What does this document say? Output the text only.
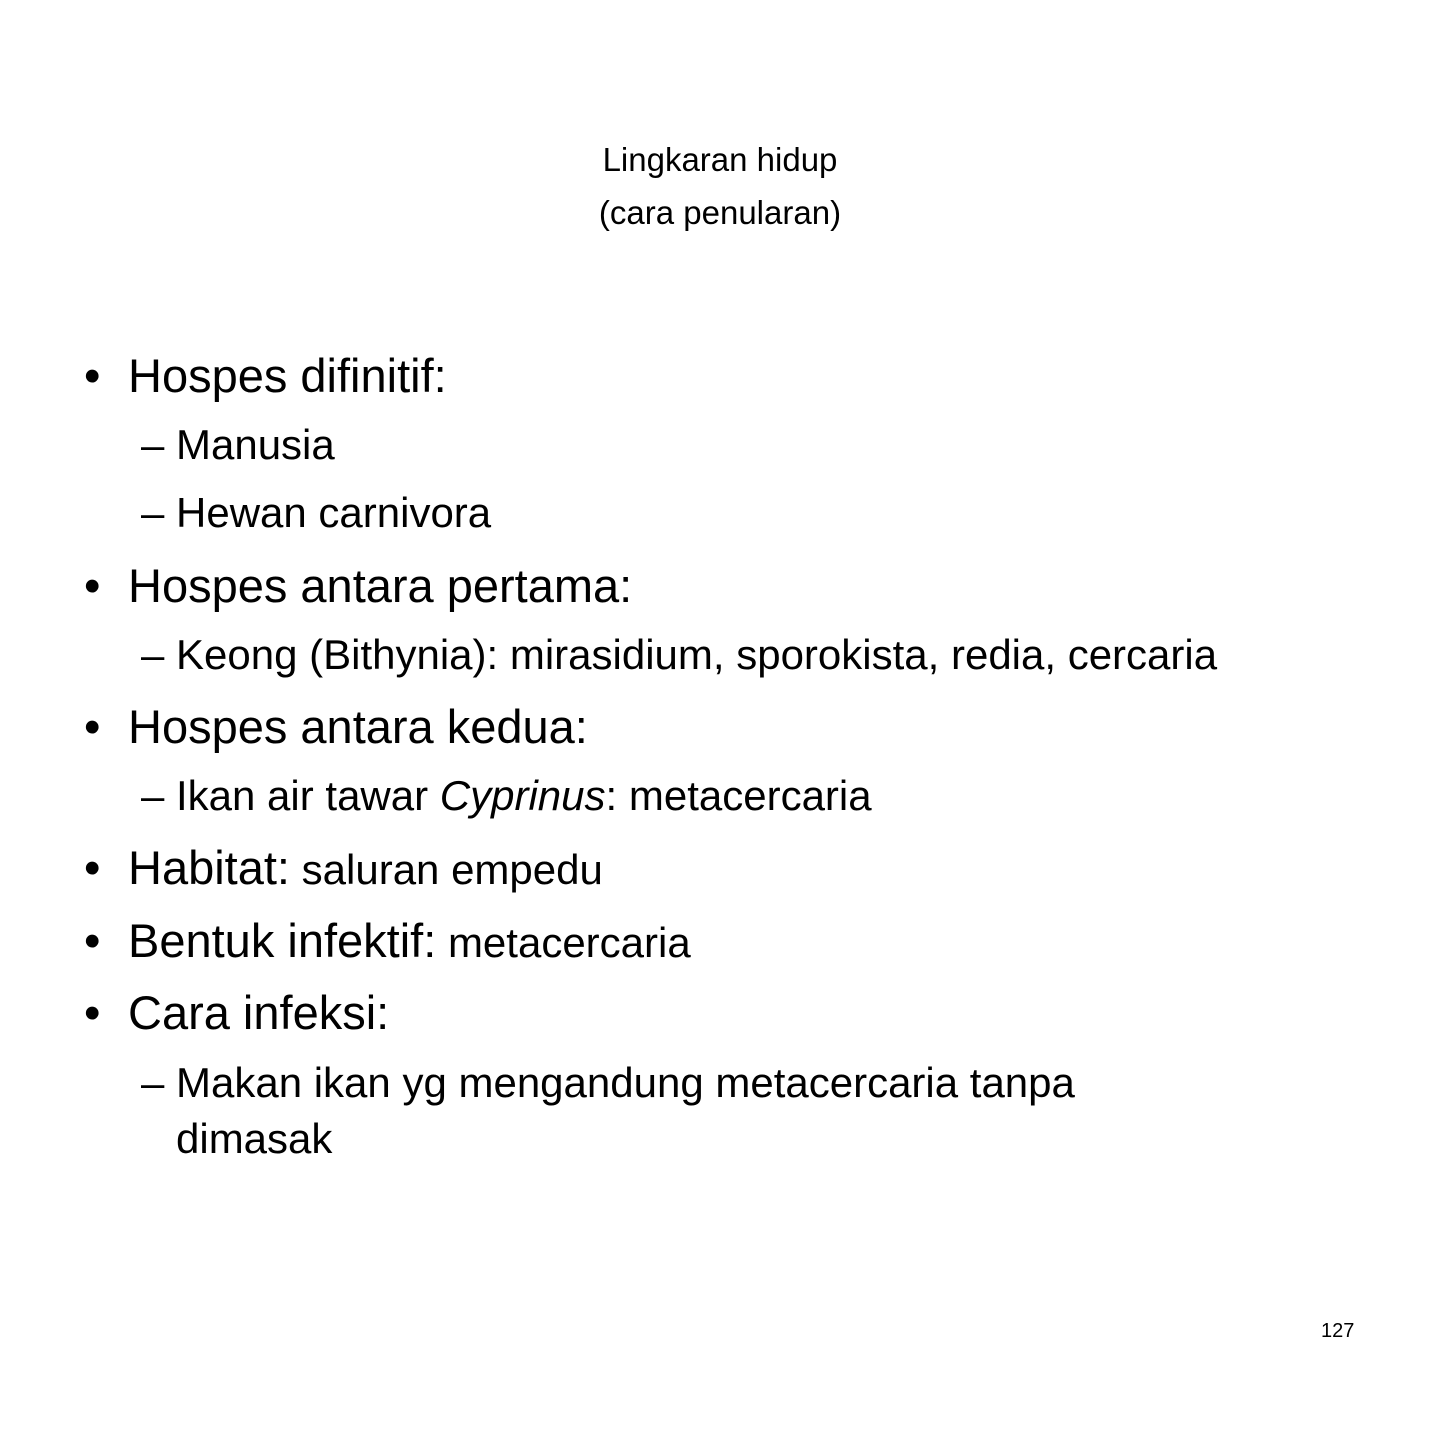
Lingkaran hidup
(cara penularan)
• Hospes difinitif:
– Manusia
– Hewan carnivora
• Hospes antara pertama:
– Keong (Bithynia): mirasidium, sporokista, redia, cercaria
• Hospes antara kedua:
– Ikan air tawar Cyprinus: metacercaria
• Habitat: saluran empedu
• Bentuk infektif: metacercaria
• Cara infeksi:
– Makan ikan yg mengandung metacercaria tanpa
dimasak
127
